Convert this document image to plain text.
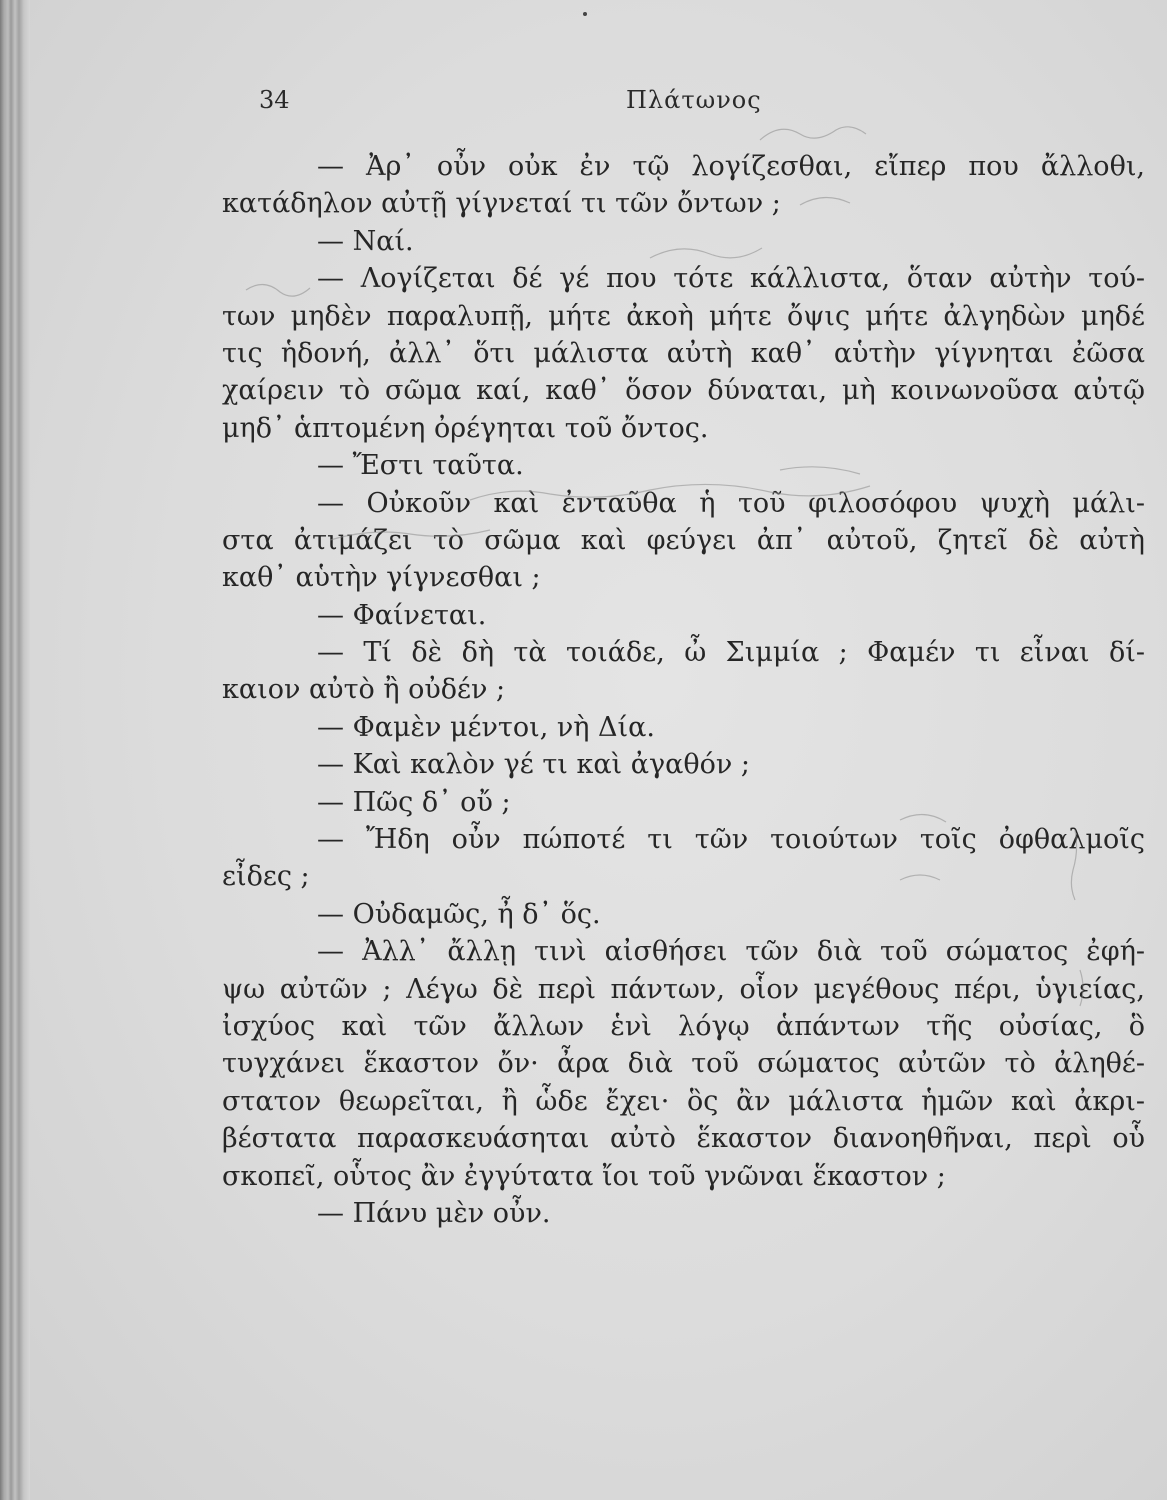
34	Πλάτωνος
— Ἀρ᾽ οὖν οὐκ ἐν τῷ λογίζεσθαι, εἴπερ που ἄλλοθι,
κατάδηλον αὐτῇ γίγνεταί τι τῶν ὄντων ;
— Ναί.
— Λογίζεται δέ γέ που τότε κάλλιστα, ὅταν αὐτὴν τού-
των μηδὲν παραλυπῇ, μήτε ἀκοὴ μήτε ὄψις μήτε ἀλγηδὼν μηδέ
τις ἡδονή, ἀλλ᾽ ὅτι μάλιστα αὐτὴ καθ᾽ αὑτὴν γίγνηται ἐῶσα
χαίρειν τὸ σῶμα καί, καθ᾽ ὅσον δύναται, μὴ κοινωνοῦσα αὐτῷ
μηδ᾽ ἁπτομένη ὀρέγηται τοῦ ὄντος.
— Ἔστι ταῦτα.
— Οὐκοῦν καὶ ἐνταῦθα ἡ τοῦ φιλοσόφου ψυχὴ μάλι-
στα ἀτιμάζει τὸ σῶμα καὶ φεύγει ἀπ᾽ αὐτοῦ, ζητεῖ δὲ αὐτὴ
καθ᾽ αὑτὴν γίγνεσθαι ;
— Φαίνεται.
— Τί δὲ δὴ τὰ τοιάδε, ὦ Σιμμία ; Φαμέν τι εἶναι δί-
καιον αὐτὸ ἢ οὐδέν ;
— Φαμὲν μέντοι, νὴ Δία.
— Καὶ καλὸν γέ τι καὶ ἀγαθόν ;
— Πῶς δ᾽ οὔ ;
— Ἤδη οὖν πώποτέ τι τῶν τοιούτων τοῖς ὀφθαλμοῖς
εἶδες ;
— Οὐδαμῶς, ἦ δ᾽ ὅς.
— Ἀλλ᾽ ἄλλῃ τινὶ αἰσθήσει τῶν διὰ τοῦ σώματος ἐφή-
ψω αὐτῶν ; Λέγω δὲ περὶ πάντων, οἷον μεγέθους πέρι, ὑγιείας,
ἰσχύος καὶ τῶν ἄλλων ἑνὶ λόγῳ ἁπάντων τῆς οὐσίας, ὃ
τυγχάνει ἕκαστον ὄν· ἆρα διὰ τοῦ σώματος αὐτῶν τὸ ἀληθέ-
στατον θεωρεῖται, ἢ ὧδε ἔχει· ὃς ἂν μάλιστα ἡμῶν καὶ ἀκρι-
βέστατα παρασκευάσηται αὐτὸ ἕκαστον διανοηθῆναι, περὶ οὗ
σκοπεῖ, οὗτος ἂν ἐγγύτατα ἴοι τοῦ γνῶναι ἕκαστον ;
— Πάνυ μὲν οὖν.
